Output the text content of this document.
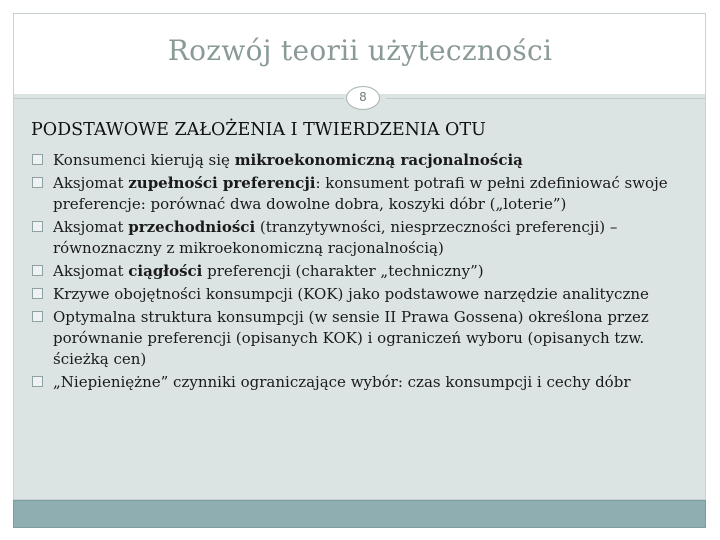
Rozwój teorii użyteczności
8
PODSTAWOWE ZAŁOŻENIA I TWIERDZENIA OTU
Konsumenci kierują się mikroekonomiczną racjonalnością
Aksjomat zupełności preferencji: konsument potrafi w pełni zdefiniować swoje preferencje: porównać dwa dowolne dobra, koszyki dóbr („loterie”)
Aksjomat przechodniości (tranzytywności, niesprzeczności preferencji) – równoznaczny z mikroekonomiczną racjonalnością)
Aksjomat ciągłości preferencji (charakter „techniczny”)
Krzywe obojętności konsumpcji (KOK) jako podstawowe narzędzie analityczne
Optymalna struktura konsumpcji (w sensie II Prawa Gossena) określona przez porównanie preferencji (opisanych KOK) i ograniczeń wyboru (opisanych tzw. ścieżką cen)
„Niepieniężne” czynniki ograniczające wybór: czas konsumpcji i cechy dóbr
